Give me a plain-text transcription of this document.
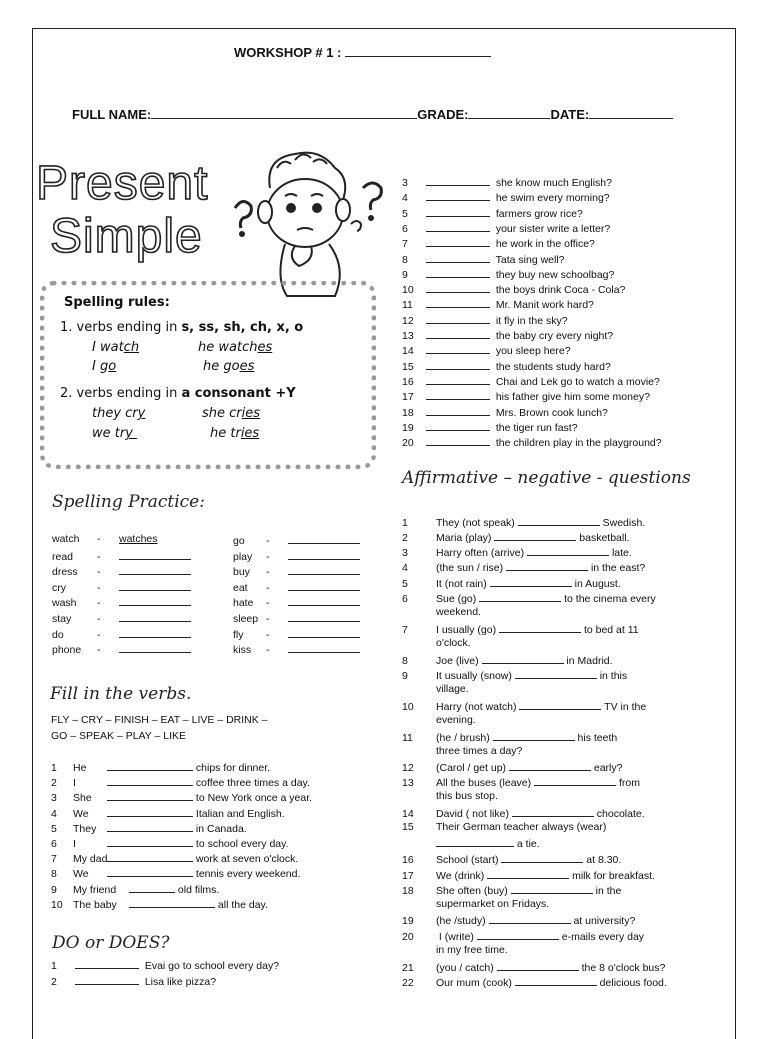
WORKSHOP # 1 :
FULL NAME:	GRADE:	DATE:
Present
Simple
Spelling rules:
1. verbs ending in s, ss, sh, ch, x, o
I watch	he watches
I go	he goes
2. verbs ending in a consonant +Y
they cry	she cries
we try	he tries
Spelling Practice:
watch - watches
read -
dress -
cry	-
wash -
stay -
do	-
phone -
go -
play -
buy -
eat -
hate -
sleep -
fly -
kiss -
Fill in the verbs.
FLY – CRY – FINISH – EAT – LIVE – DRINK –
GO – SPEAK – PLAY – LIKE
1 He	chips for dinner.
2 I	coffee three times a day.
3 She	to New York once a year.
4 We	Italian and English.
5 They	in Canada.
6 I	to school every day.
7 My dad	work at seven o'clock.
8 We	tennis every weekend.
9 My friend	old films.
10 The baby	all the day.
DO or DOES?
1	Evai go to school every day?
2	Lisa like pizza?
3	she know much English?
4	he swim every morning?
5	farmers grow rice?
6	your sister write a letter?
7	he work in the office?
8	Tata sing well?
9	they buy new schoolbag?
10	the boys drink Coca - Cola?
11	Mr. Manit work hard?
12	it fly in the sky?
13	the baby cry every night?
14	you sleep here?
15	the students study hard?
16	Chai and Lek go to watch a movie?
17	his father give him some money?
18	Mrs. Brown cook lunch?
19	the tiger run fast?
20	the children play in the playground?
Affirmative – negative - questions
1	They (not speak)	Swedish.
2	Maria (play)	basketball.
3	Harry often (arrive)	late.
4	(the sun / rise)	in the east?
5	It (not rain)	in August.
6	Sue (go)	to the cinema every
weekend.
7	I usually (go)	to bed at 11
o'clock.
8	Joe (live)	in Madrid.
9	It usually (snow)	in this
village.
10 Harry (not watch)	TV in the
evening.
11 (he / brush)	his teeth
three times a day?
12 (Carol / get up)	early?
13 All the buses (leave)	from
this bus stop.
14 David ( not like)	chocolate.
15 Their German teacher always (wear)
a tie.
16 School (start)	at 8.30.
17 We (drink)	milk for breakfast.
18 She often (buy)	in the
supermarket on Fridays.
19 (he /study)	at university?
20 I (write)	e-mails every day
in my free time.
21 (you / catch)	the 8 o'clock bus?
22 Our mum (cook)	delicious food.
